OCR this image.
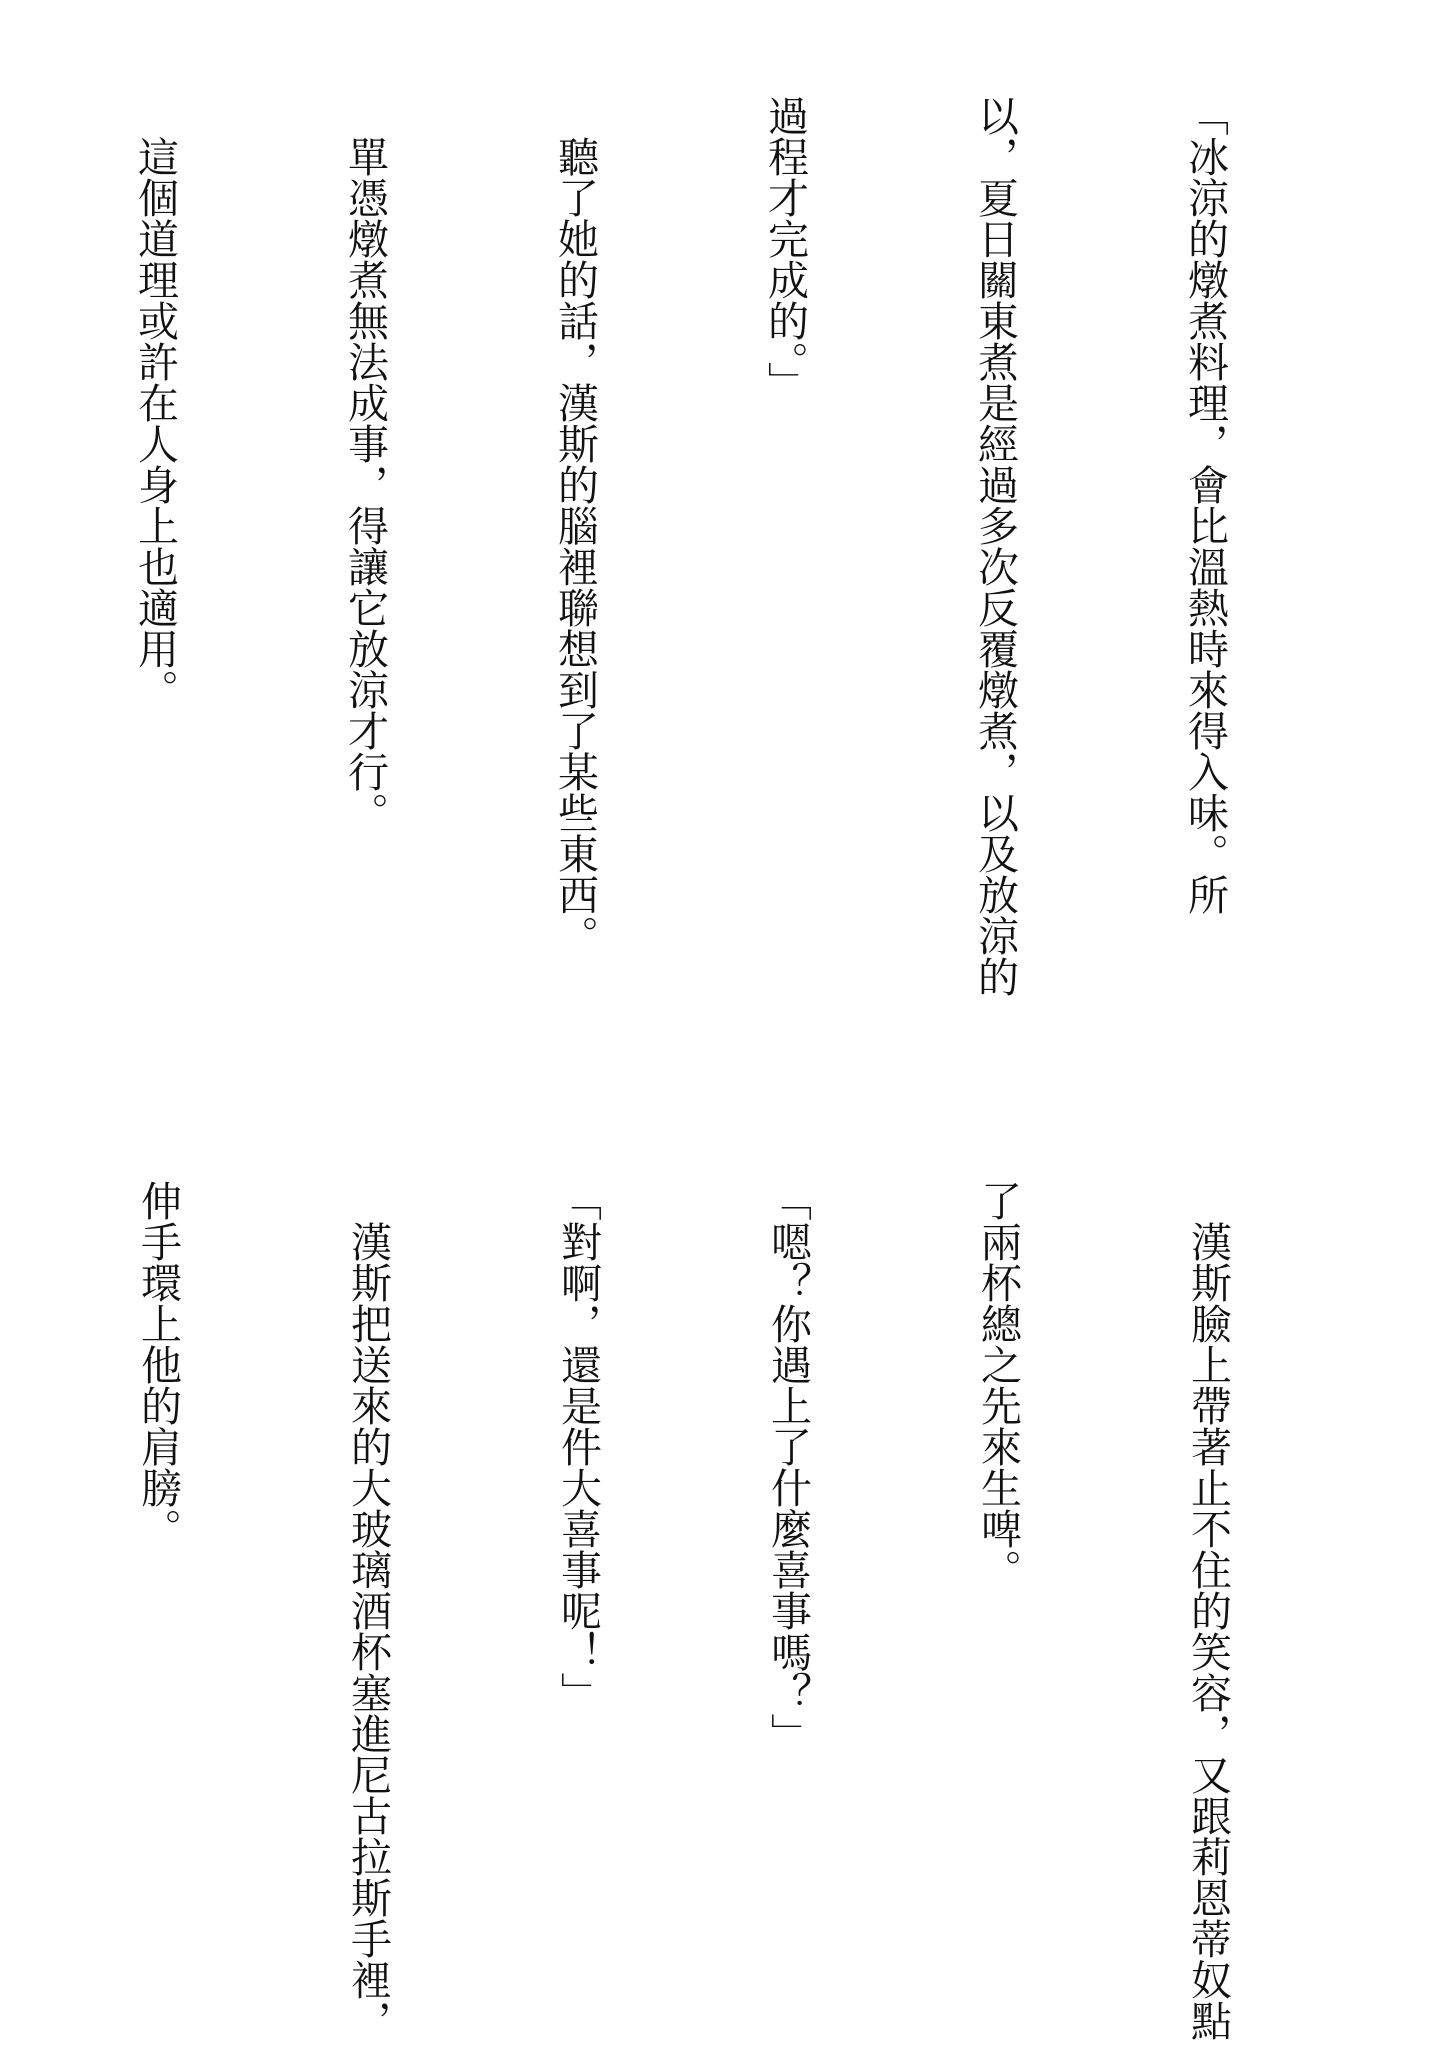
「冰涼的燉煮料理，會比溫熱時來得入味。所

以，夏日關東煮是經過多次反覆燉煮，以及放涼的

過程才完成的。」

　聽了她的話，漢斯的腦裡聯想到了某些東西。

　單憑燉煮無法成事，得讓它放涼才行。

　這個道理或許在人身上也適用。

　漢斯臉上帶著止不住的笑容，又跟莉恩蒂奴點

了兩杯總之先來生啤。

「嗯？你遇上了什麼喜事嗎？」

「對啊，還是件大喜事呢！」

　漢斯把送來的大玻璃酒杯塞進尼古拉斯手裡，

伸手環上他的肩膀。
